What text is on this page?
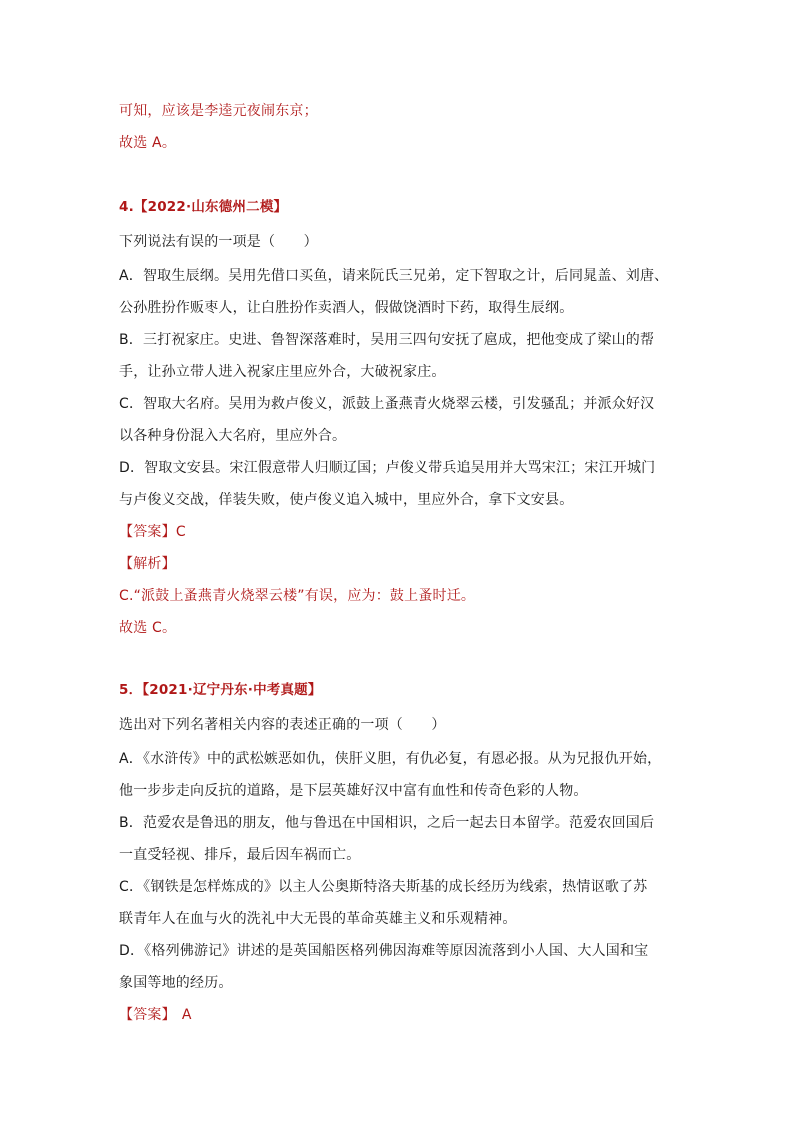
可知，应该是李逵元夜闹东京；
故选 A。
4.【2022·山东德州二模】
下列说法有误的一项是（　　）
A．智取生辰纲。吴用先借口买鱼，请来阮氏三兄弟，定下智取之计，后同晁盖、刘唐、
公孙胜扮作贩枣人，让白胜扮作卖酒人，假做饶酒时下药，取得生辰纲。
B．三打祝家庄。史进、鲁智深落难时，吴用三四句安抚了扈成，把他变成了梁山的帮
手，让孙立带人进入祝家庄里应外合，大破祝家庄。
C．智取大名府。吴用为救卢俊义，派鼓上蚤燕青火烧翠云楼，引发骚乱；并派众好汉
以各种身份混入大名府，里应外合。
D．智取文安县。宋江假意带人归顺辽国；卢俊义带兵追吴用并大骂宋江；宋江开城门
与卢俊义交战，佯装失败，使卢俊义追入城中，里应外合，拿下文安县。
【答案】C
【解析】
C.“派鼓上蚤燕青火烧翠云楼”有误，应为：鼓上蚤时迁。
故选 C。
5．【2021·辽宁丹东·中考真题】
选出对下列名著相关内容的表述正确的一项（　　）
A．《水浒传》中的武松嫉恶如仇，侠肝义胆，有仇必复，有恩必报。从为兄报仇开始，
他一步步走向反抗的道路，是下层英雄好汉中富有血性和传奇色彩的人物。
B．范爱农是鲁迅的朋友，他与鲁迅在中国相识，之后一起去日本留学。范爱农回国后
一直受轻视、排斥，最后因车祸而亡。
C．《钢铁是怎样炼成的》以主人公奥斯特洛夫斯基的成长经历为线索，热情讴歌了苏
联青年人在血与火的洗礼中大无畏的革命英雄主义和乐观精神。
D．《格列佛游记》讲述的是英国船医格列佛因海难等原因流落到小人国、大人国和宝
象国等地的经历。
【答案】 A
